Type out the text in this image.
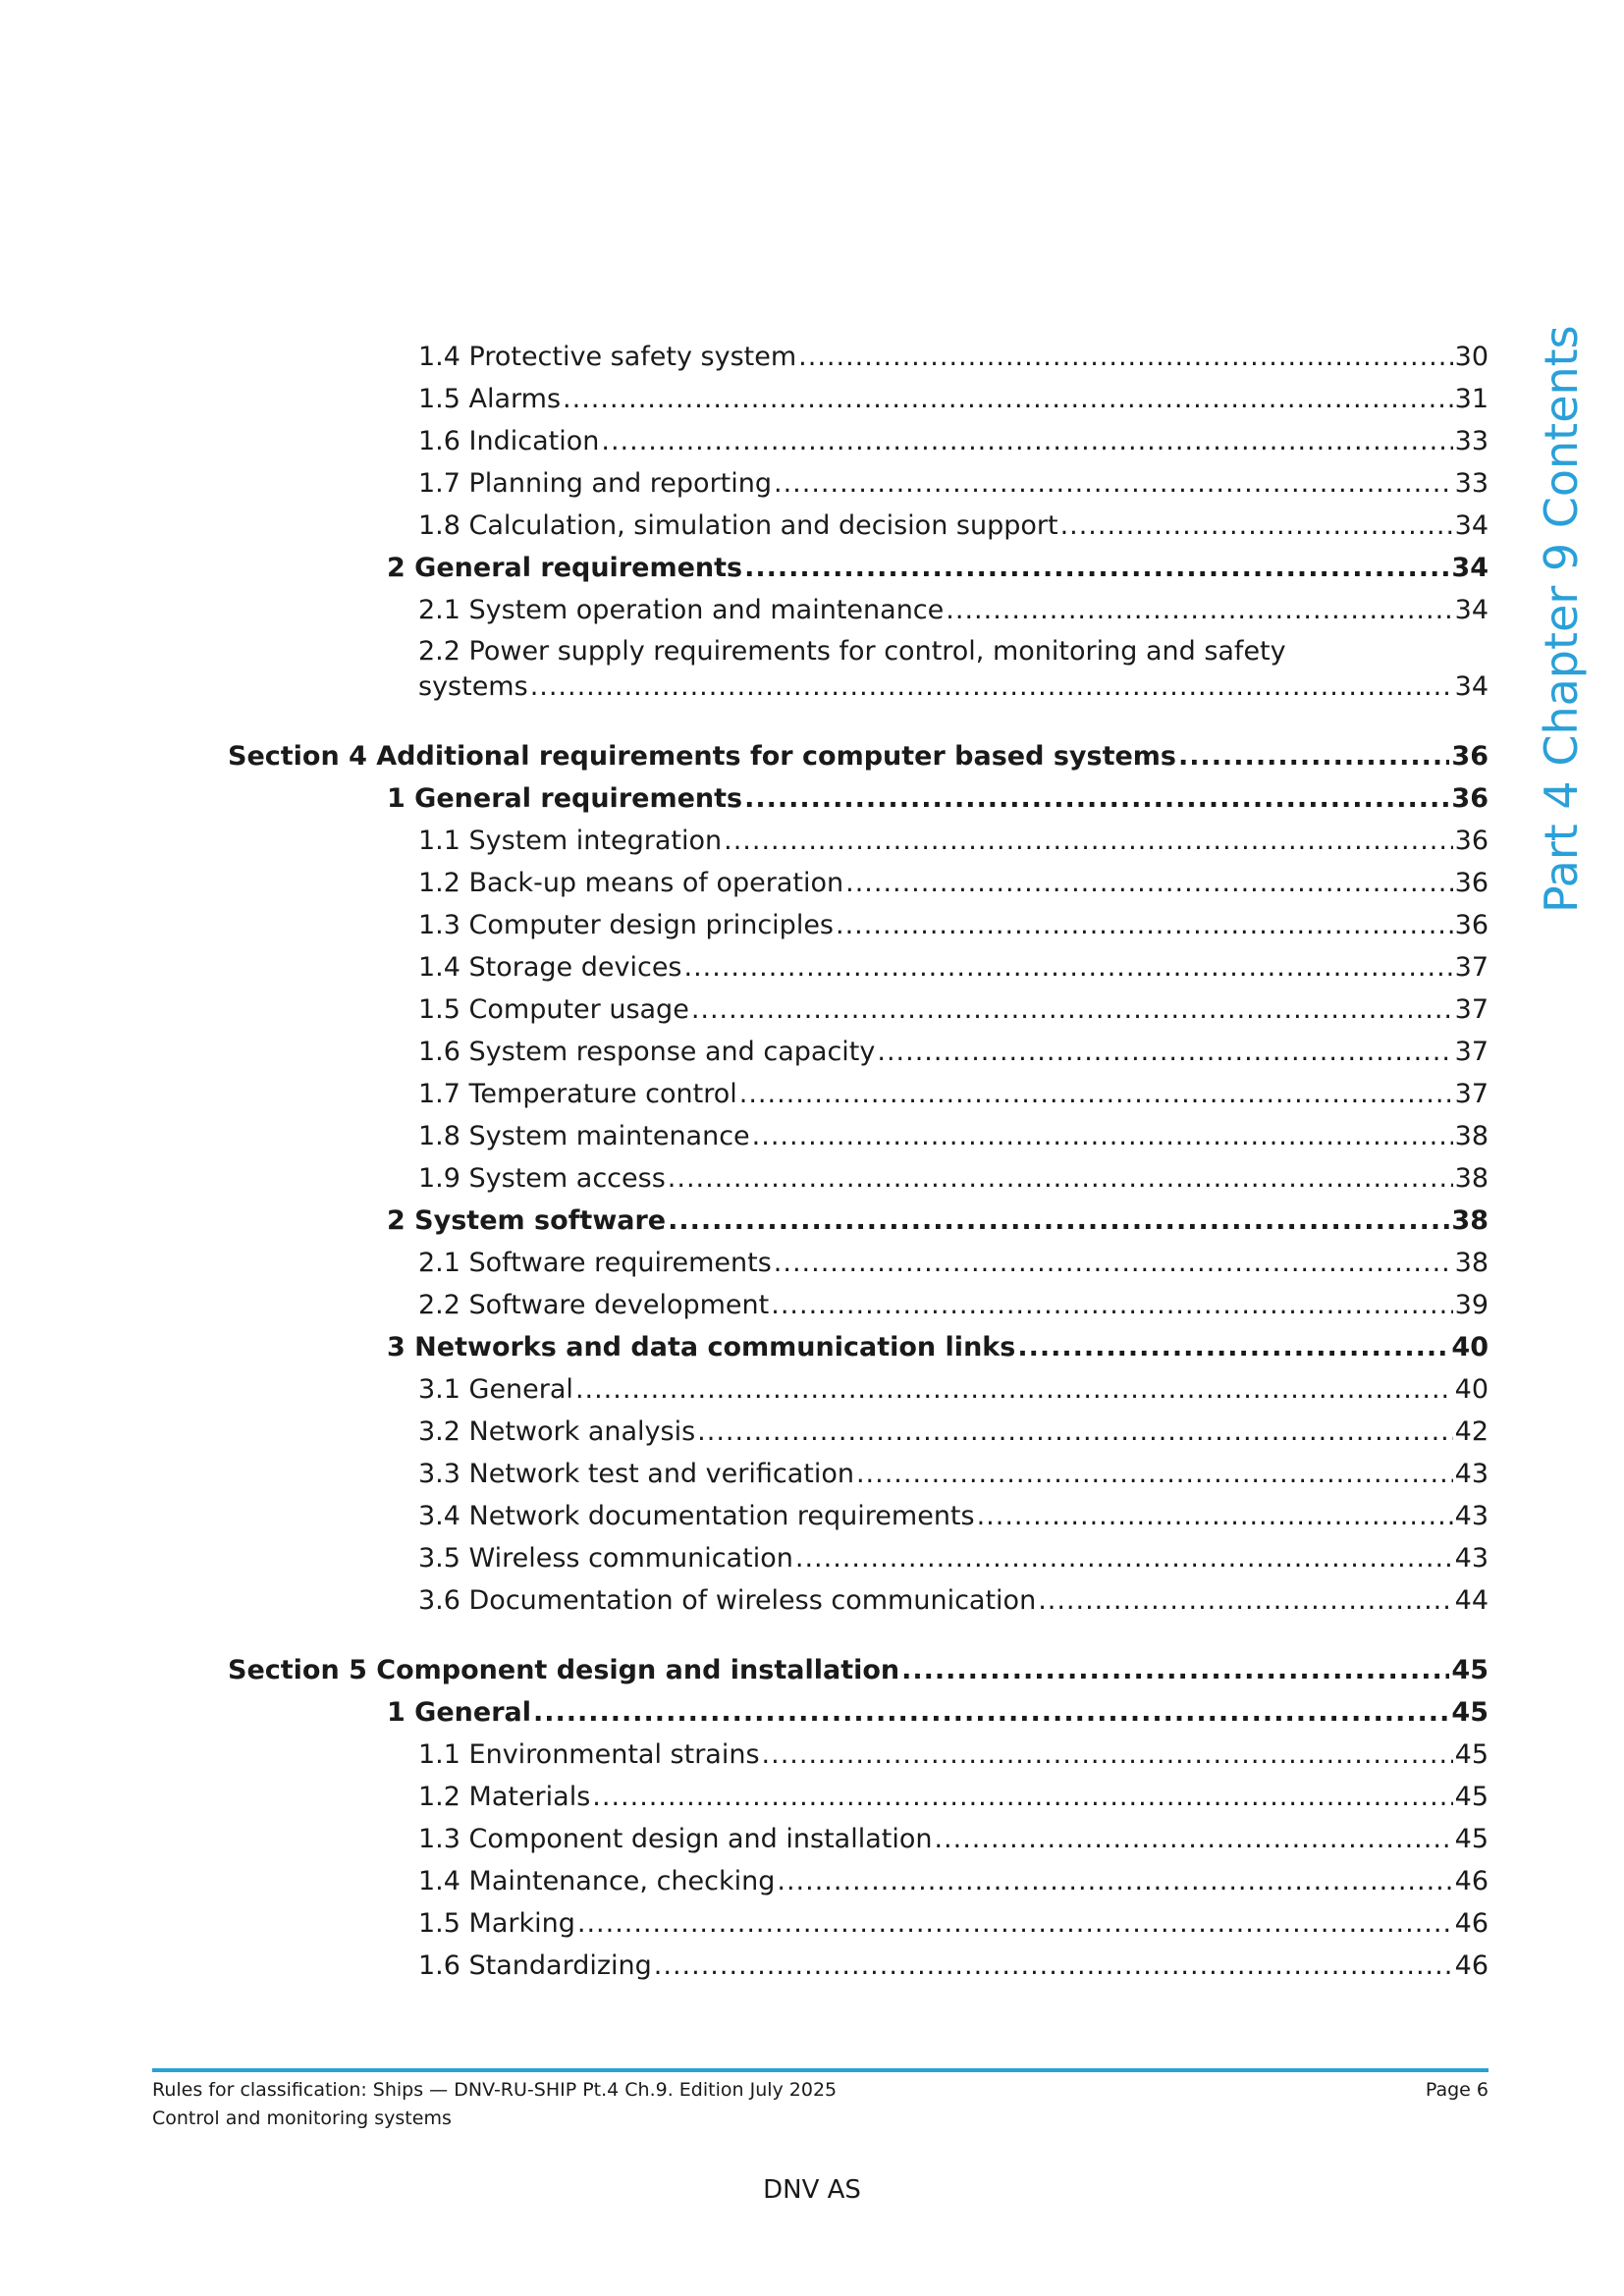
Part 4 Chapter 9 Contents
1.4 Protective safety system .....	30
1.5 Alarms .....	31
1.6 Indication .....	33
1.7 Planning and reporting .....	33
1.8 Calculation, simulation and decision support .....	34
2 General requirements .....	34
2.1 System operation and maintenance .....	34
2.2 Power supply requirements for control, monitoring and safety
systems .....	34
Section 4 Additional requirements for computer based systems .....	36
1 General requirements .....	36
1.1 System integration .....	36
1.2 Back-up means of operation .....	36
1.3 Computer design principles .....	36
1.4 Storage devices .....	37
1.5 Computer usage .....	37
1.6 System response and capacity .....	37
1.7 Temperature control .....	37
1.8 System maintenance .....	38
1.9 System access .....	38
2 System software .....	38
2.1 Software requirements .....	38
2.2 Software development .....	39
3 Networks and data communication links .....	40
3.1 General .....	40
3.2 Network analysis .....	42
3.3 Network test and verification .....	43
3.4 Network documentation requirements .....	43
3.5 Wireless communication .....	43
3.6 Documentation of wireless communication .....	44
Section 5 Component design and installation .....	45
1 General .....	45
1.1 Environmental strains .....	45
1.2 Materials .....	45
1.3 Component design and installation .....	45
1.4 Maintenance, checking .....	46
1.5 Marking .....	46
1.6 Standardizing .....	46
Rules for classification: Ships — DNV-RU-SHIP Pt.4 Ch.9. Edition July 2025	Page 6
Control and monitoring systems
DNV AS
